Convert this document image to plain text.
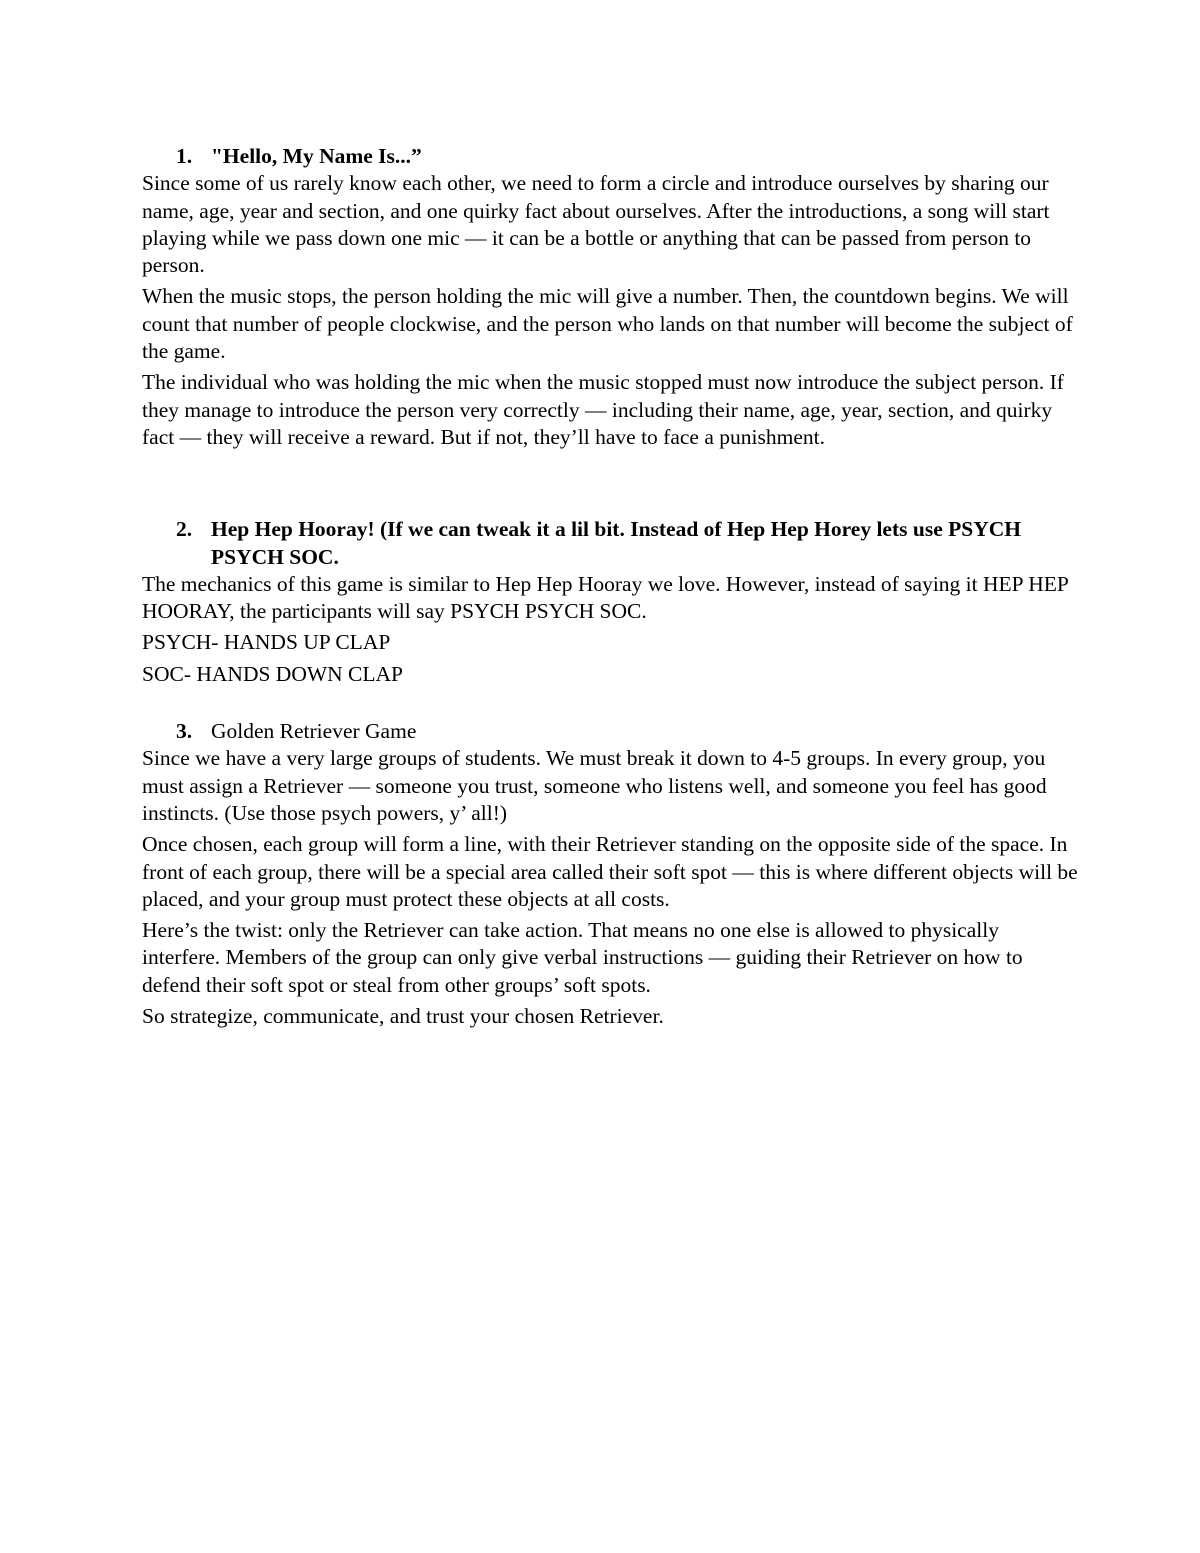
1. "Hello, My Name Is...”

Since some of us rarely know each other, we need to form a circle and introduce ourselves by sharing our name, age, year and section, and one quirky fact about ourselves. After the introductions, a song will start playing while we pass down one mic — it can be a bottle or anything that can be passed from person to person.

When the music stops, the person holding the mic will give a number. Then, the countdown begins. We will count that number of people clockwise, and the person who lands on that number will become the subject of the game.

The individual who was holding the mic when the music stopped must now introduce the subject person. If they manage to introduce the person very correctly — including their name, age, year, section, and quirky fact — they will receive a reward. But if not, they’ll have to face a punishment.

2. Hep Hep Hooray! (If we can tweak it a lil bit. Instead of Hep Hep Horey lets use PSYCH PSYCH SOC.

The mechanics of this game is similar to Hep Hep Hooray we love. However, instead of saying it HEP HEP HOORAY, the participants will say PSYCH PSYCH SOC.

PSYCH- HANDS UP CLAP

SOC- HANDS DOWN CLAP

3. Golden Retriever Game

Since we have a very large groups of students. We must break it down to 4-5 groups. In every group, you must assign a Retriever — someone you trust, someone who listens well, and someone you feel has good instincts. (Use those psych powers, y’ all!)

Once chosen, each group will form a line, with their Retriever standing on the opposite side of the space. In front of each group, there will be a special area called their soft spot — this is where different objects will be placed, and your group must protect these objects at all costs.

Here’s the twist: only the Retriever can take action. That means no one else is allowed to physically interfere. Members of the group can only give verbal instructions — guiding their Retriever on how to defend their soft spot or steal from other groups’ soft spots.

So strategize, communicate, and trust your chosen Retriever.
